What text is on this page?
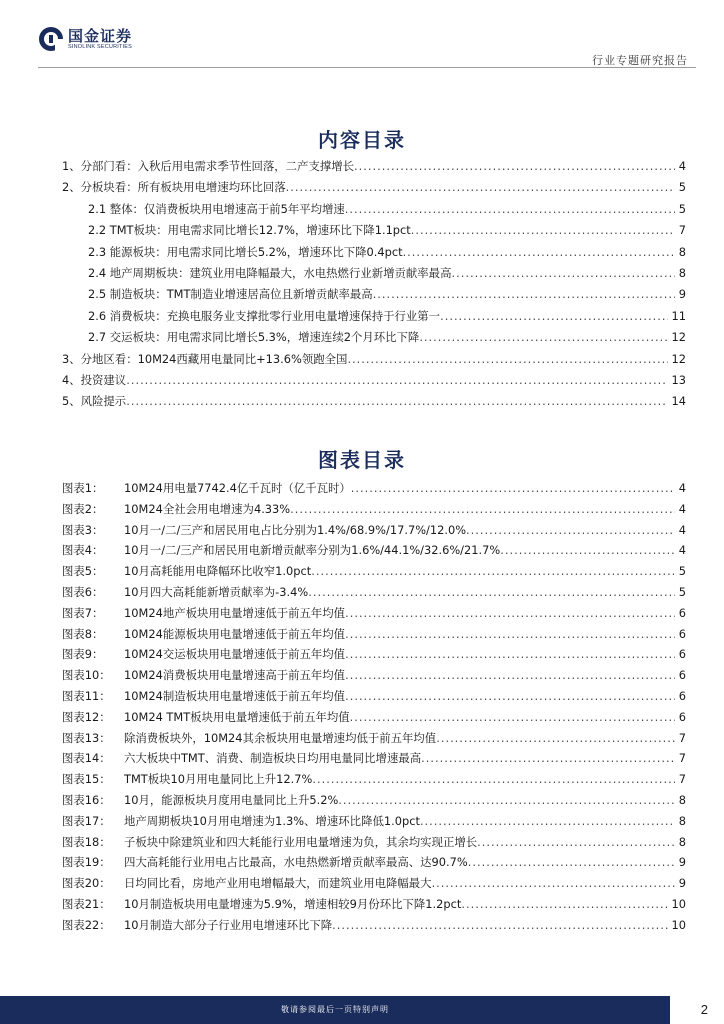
国金证券
SINOLINK SECURITIES
行业专题研究报告
内容目录
1、分部门看：入秋后用电需求季节性回落，二产支撑增长 .....	4
2、分板块看：所有板块用电增速均环比回落 .....	5
2.1 整体：仅消费板块用电增速高于前5年平均增速 .....	5
2.2 TMT板块：用电需求同比增长12.7%，增速环比下降1.1pct .....	7
2.3 能源板块：用电需求同比增长5.2%，增速环比下降0.4pct .....	8
2.4 地产周期板块：建筑业用电降幅最大，水电热燃行业新增贡献率最高 .....	8
2.5 制造板块：TMT制造业增速居高位且新增贡献率最高 .....	9
2.6 消费板块：充换电服务业支撑批零行业用电量增速保持于行业第一 .....	11
2.7 交运板块：用电需求同比增长5.3%，增速连续2个月环比下降 .....	12
3、分地区看：10M24西藏用电量同比+13.6%领跑全国 .....	12
4、投资建议 .....	13
5、风险提示 .....	14
图表目录
图表1：	10M24用电量7742.4亿千瓦时（亿千瓦时） .....	4
图表2：	10M24全社会用电增速为4.33% .....	4
图表3：	10月一/二/三产和居民用电占比分别为1.4%/68.9%/17.7%/12.0% .....	4
图表4：	10月一/二/三产和居民用电新增贡献率分别为1.6%/44.1%/32.6%/21.7% .....	4
图表5：	10月高耗能用电降幅环比收窄1.0pct .....	5
图表6：	10月四大高耗能新增贡献率为-3.4% .....	5
图表7：	10M24地产板块用电量增速低于前五年均值 .....	6
图表8：	10M24能源板块用电量增速低于前五年均值 .....	6
图表9：	10M24交运板块用电量增速低于前五年均值 .....	6
图表10：	10M24消费板块用电量增速高于前五年均值 .....	6
图表11：	10M24制造板块用电量增速低于前五年均值 .....	6
图表12：	10M24 TMT板块用电量增速低于前五年均值 .....	6
图表13：	除消费板块外，10M24其余板块用电量增速均低于前五年均值 .....	7
图表14：	六大板块中TMT、消费、制造板块日均用电量同比增速最高 .....	7
图表15：	TMT板块10月用电量同比上升12.7% .....	7
图表16：	10月，能源板块月度用电量同比上升5.2% .....	8
图表17：	地产周期板块10月用电增速为1.3%、增速环比降低1.0pct .....	8
图表18：	子板块中除建筑业和四大耗能行业用电量增速为负，其余均实现正增长 .....	8
图表19：	四大高耗能行业用电占比最高，水电热燃新增贡献率最高、达90.7% .....	9
图表20：	日均同比看，房地产业用电增幅最大，而建筑业用电降幅最大 .....	9
图表21：	10月制造板块用电量增速为5.9%，增速相较9月份环比下降1.2pct .....	10
图表22：	10月制造大部分子行业用电增速环比下降 .....	10
敬请参阅最后一页特别声明	2
